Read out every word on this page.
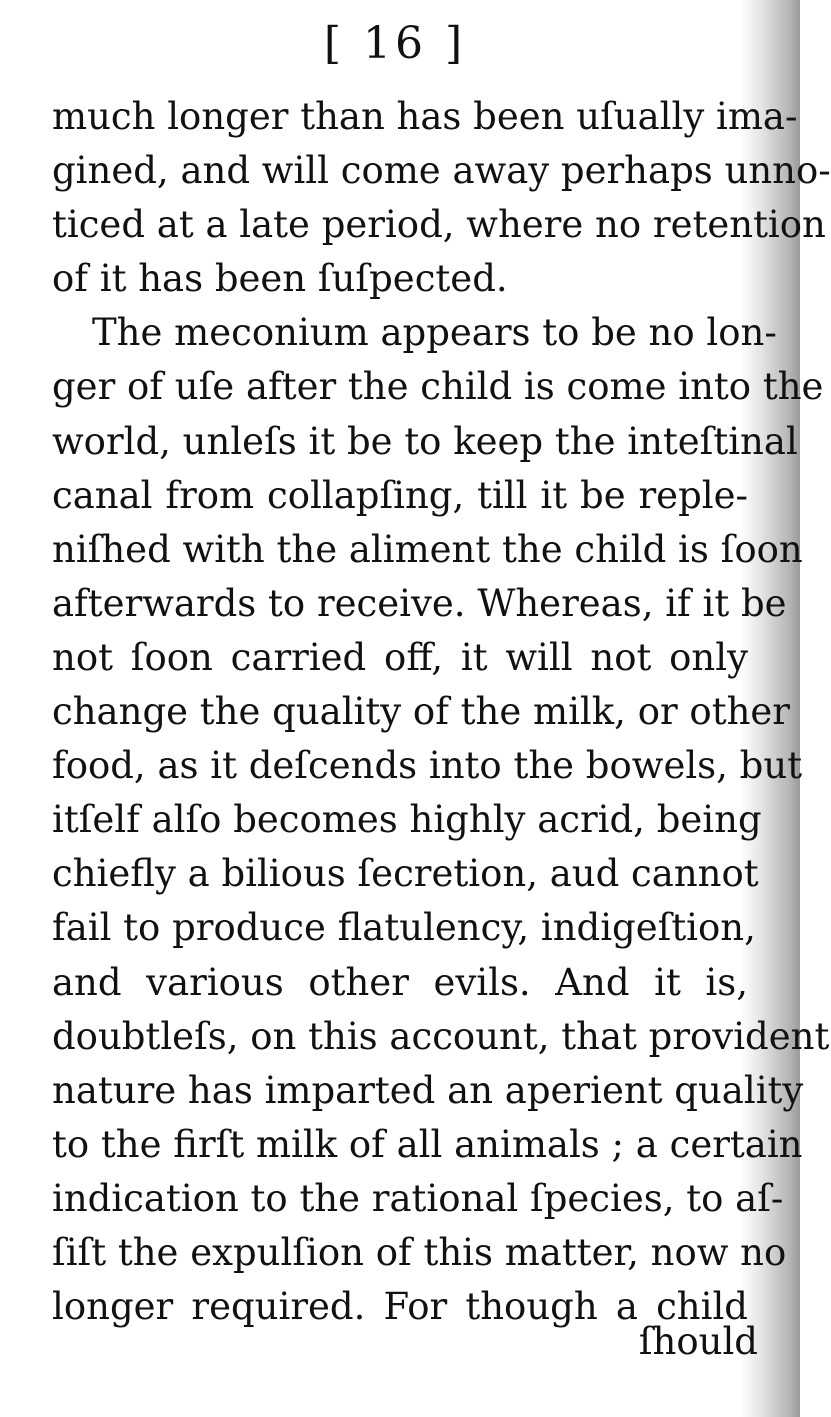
[ 16 ]
much longer than has been uſually ima-
gined, and will come away perhaps unno-
ticed at a late period, where no retention
of it has been ſuſpected.
The meconium appears to be no lon-
ger of uſe after the child is come into the
world, unleſs it be to keep the inteſtinal
canal from collapſing, till it be reple-
niſhed with the aliment the child is ſoon
afterwards to receive. Whereas, if it be
not ſoon carried off, it will not only
change the quality of the milk, or other
food, as it deſcends into the bowels, but
itſelf alſo becomes highly acrid, being
chiefly a bilious ſecretion, aud cannot
fail to produce flatulency, indigeſtion,
and various other evils. And it is,
doubtleſs, on this account, that provident
nature has imparted an aperient quality
to the firſt milk of all animals ; a certain
indication to the rational ſpecies, to aſ-
ſiſt the expulſion of this matter, now no
longer required. For though a child
ſhould
